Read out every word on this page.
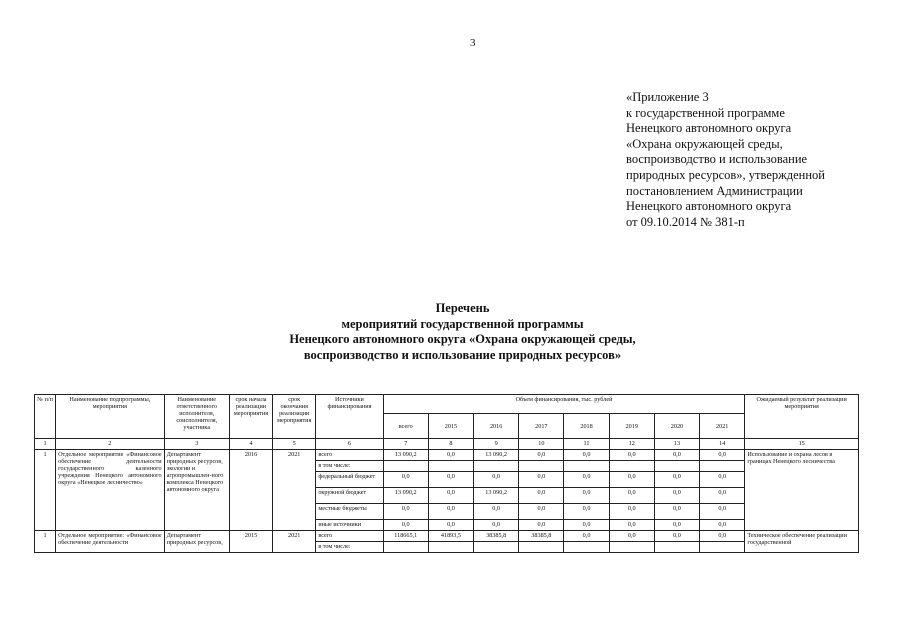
3
«Приложение 3
к государственной программе
Ненецкого автономного округа
«Охрана окружающей среды,
воспроизводство и использование
природных ресурсов», утвержденной
постановлением Администрации
Ненецкого автономного округа
от 09.10.2014 № 381-п
Перечень
мероприятий государственной программы
Ненецкого автономного округа «Охрана окружающей среды,
воспроизводство и использование природных ресурсов»
№ п/п	Наименование подпрограммы, мероприятия	Наименование ответственного исполнителя, соисполнителя, участника	срок начала реализации мероприятия	срок окончания реализации мероприятия	Источники финансирования	Объем финансирования, тыс. рублей								Ожидаемый результат реализации мероприятия
						всего	2015	2016	2017	2018	2019	2020	2021	
1	2	3	4	5	6	7	8	9	10	11	12	13	14	15
1	Отдельное мероприятие «Финансовое обеспечение деятельности государственного казенного учреждения Ненецкого автономного округа «Ненецкое лесничество»	Департамент природных ресурсов, экологии и агропромышлен-ного комплекса Ненецкого автономного округа	2016	2021	всего	13 090,2	0,0	13 090,2	0,0	0,0	0,0	0,0	0,0	Использование и охрана лесов в границах Ненецкого лесничества
					в том числе:									
					федеральный бюджет	0,0	0,0	0,0	0,0	0,0	0,0	0,0	0,0	
					окружной бюджет	13 090,2	0,0	13 090,2	0,0	0,0	0,0	0,0	0,0	
					местные бюджеты	0,0	0,0	0,0	0,0	0,0	0,0	0,0	0,0	
					иные источники	0,0	0,0	0,0	0,0	0,0	0,0	0,0	0,0	
1	Отдельное мероприятие: «Финансовое обеспечение деятельности	Департамент природных ресурсов,	2015	2021	всего	118665,1	41893,5	38385,8	38385,8	0,0	0,0	0,0	0,0	Техническое обеспечение реализации государственной
					в том числе:									
